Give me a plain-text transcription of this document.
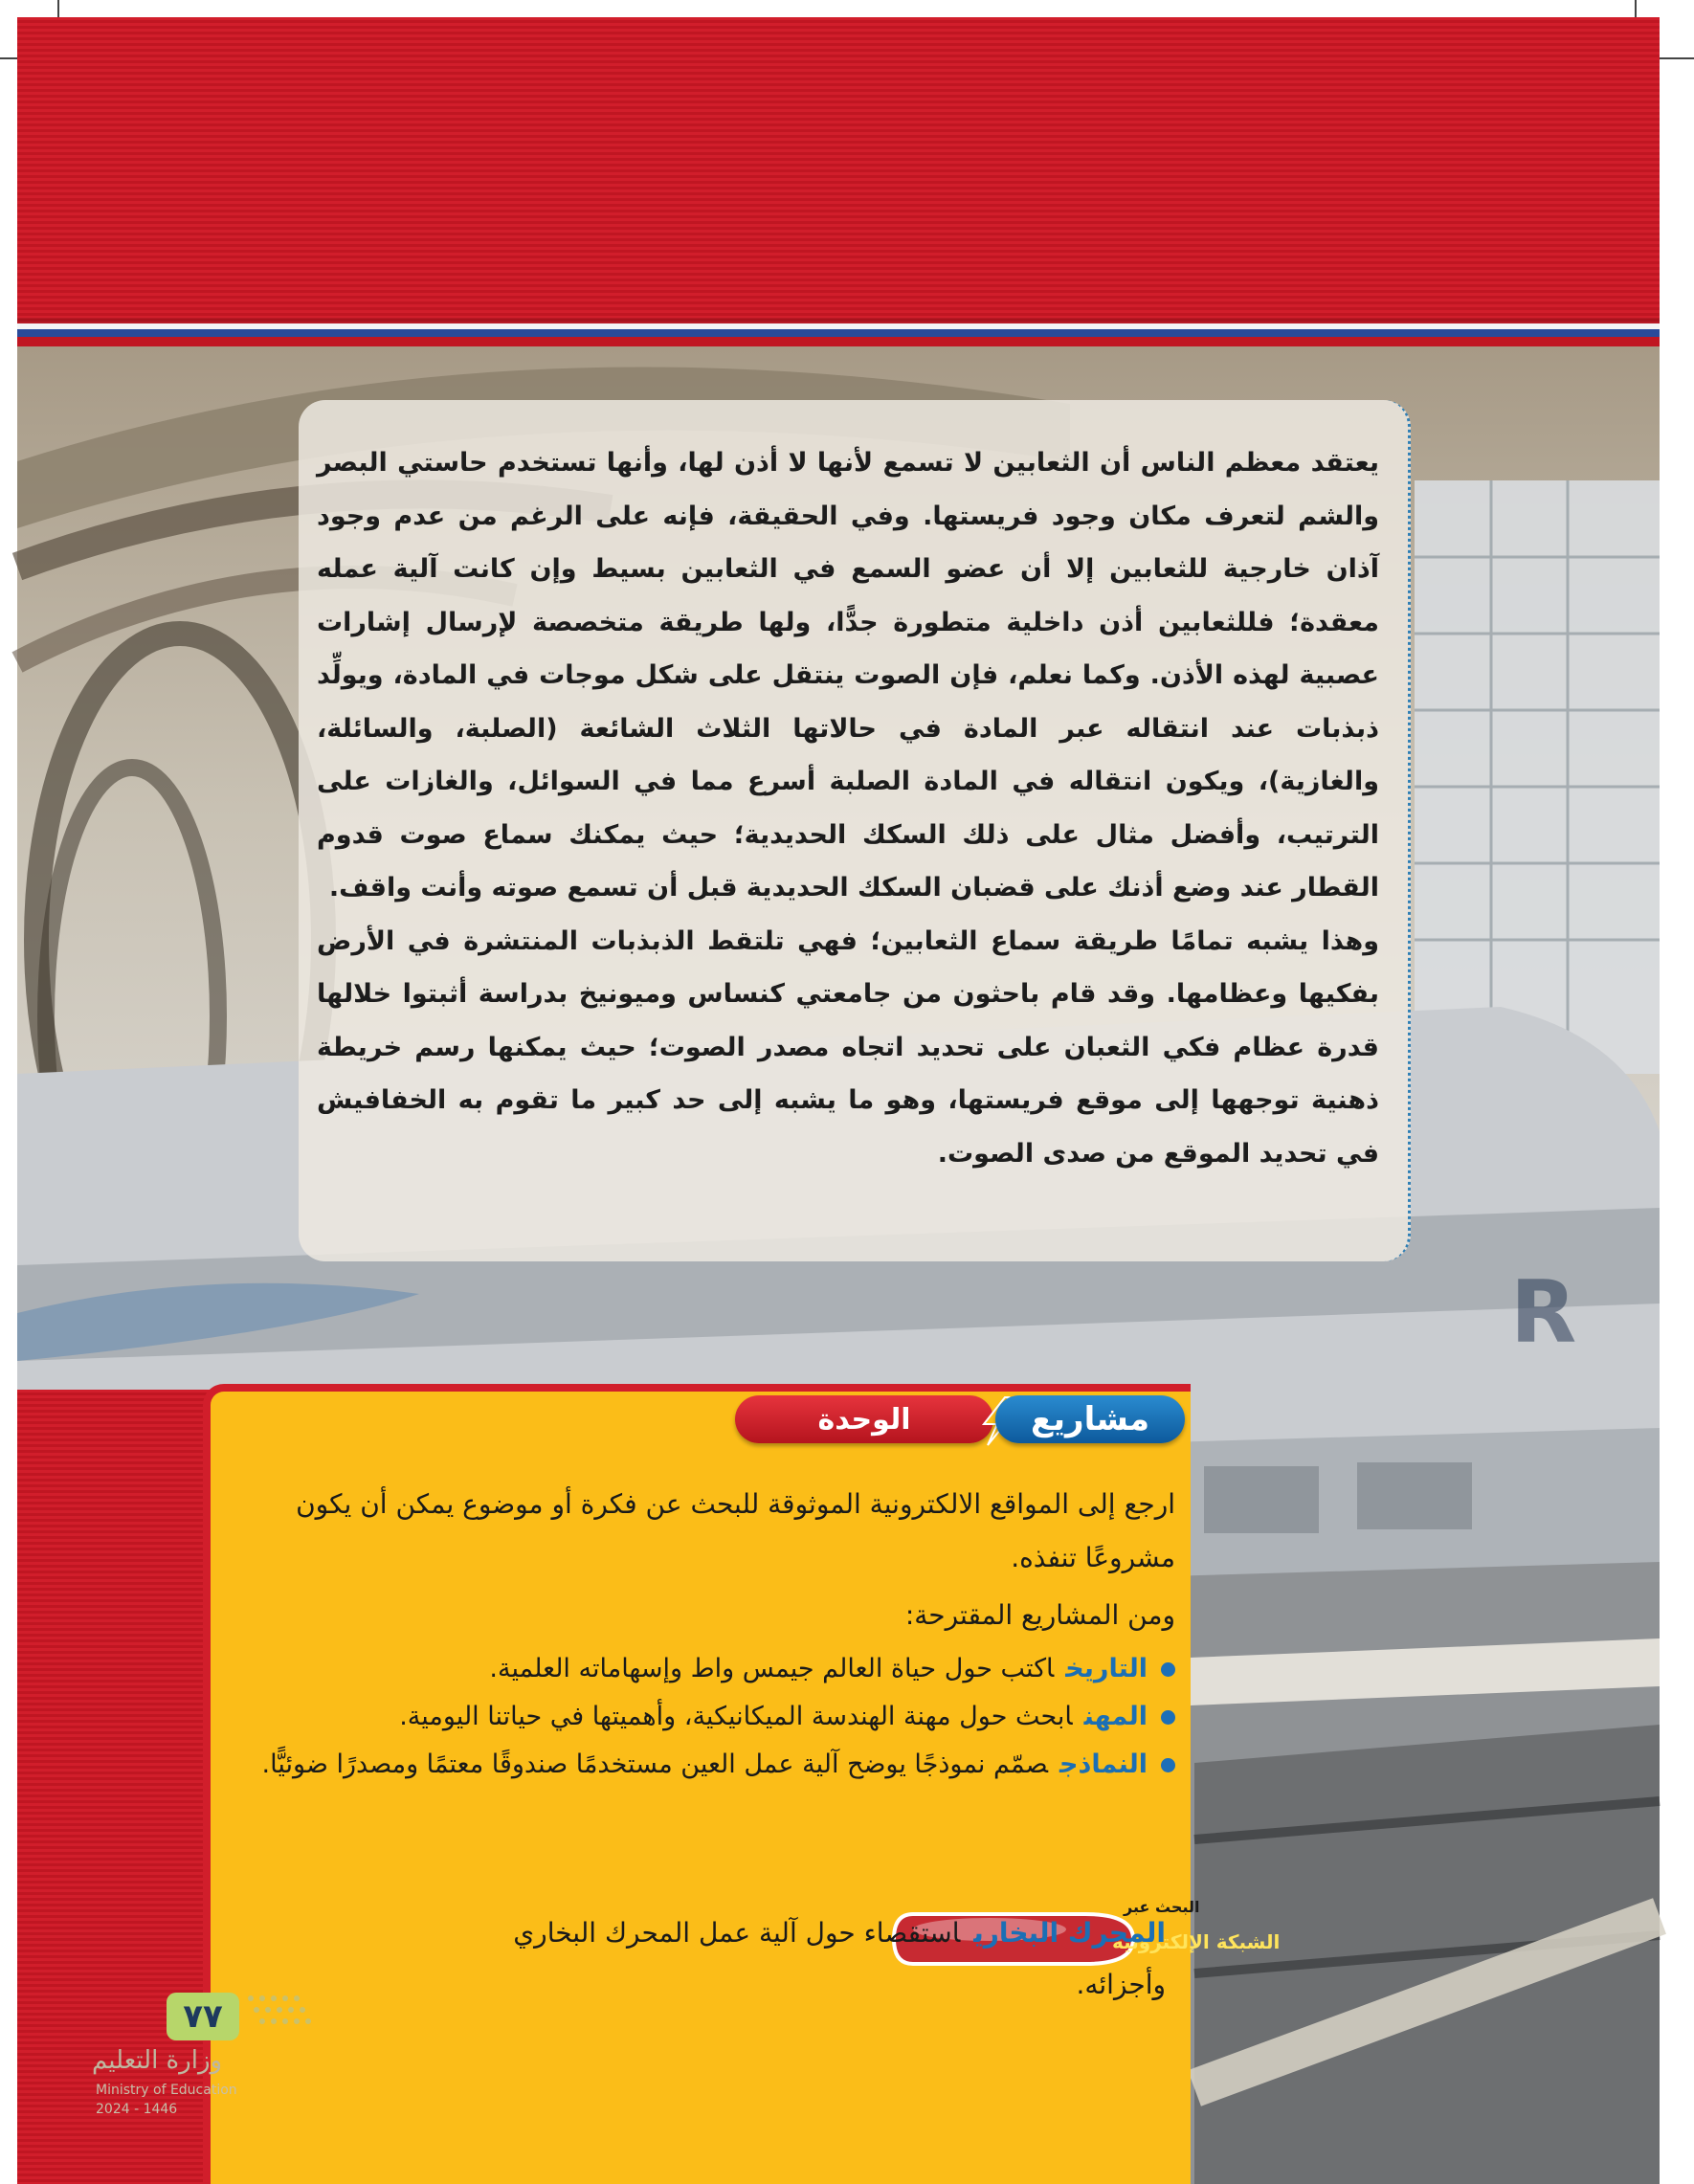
R

يعتقد معظم الناس أن الثعابين لا تسمع لأنها لا أذن لها، وأنها تستخدم حاستي البصر والشم لتعرف مكان وجود فريستها. وفي الحقيقة، فإنه على الرغم من عدم وجود آذان خارجية للثعابين إلا أن عضو السمع في الثعابين بسيط وإن كانت آلية عمله معقدة؛ فللثعابين أذن داخلية متطورة جدًّا، ولها طريقة متخصصة لإرسال إشارات عصبية لهذه الأذن. وكما نعلم، فإن الصوت ينتقل على شكل موجات في المادة، ويولِّد ذبذبات عند انتقاله عبر المادة في حالاتها الثلاث الشائعة (الصلبة، والسائلة، والغازية)، ويكون انتقاله في المادة الصلبة أسرع مما في السوائل، والغازات على الترتيب، وأفضل مثال على ذلك السكك الحديدية؛ حيث يمكنك سماع صوت قدوم القطار عند وضع أذنك على قضبان السكك الحديدية قبل أن تسمع صوته وأنت واقف.

وهذا يشبه تمامًا طريقة سماع الثعابين؛ فهي تلتقط الذبذبات المنتشرة في الأرض بفكيها وعظامها. وقد قام باحثون من جامعتي كنساس وميونيخ بدراسة أثبتوا خلالها قدرة عظام فكي الثعبان على تحديد اتجاه مصدر الصوت؛ حيث يمكنها رسم خريطة ذهنية توجهها إلى موقع فريستها، وهو ما يشبه إلى حد كبير ما تقوم به الخفافيش في تحديد الموقع من صدى الصوت.

الوحدة	مشاريع

ارجع إلى المواقع الالكترونية الموثوقة للبحث عن فكرة أو موضوع يمكن أن يكون

مشروعًا تنفذه.

ومن المشاريع المقترحة:

التاريخاكتب حول حياة العالم جيمس واط وإسهاماته العلمية.
المهنابحث حول مهنة الهندسة الميكانيكية، وأهميتها في حياتنا اليومية.
النماذجصمّم نموذجًا يوضح آلية عمل العين مستخدمًا صندوقًا معتمًا ومصدرًا ضوئيًّا.
البحث عبر
الشبكة الإلكترونية
المحرك البخارياستقصاء حول آلية عمل المحرك البخاري
وأجزائه.
٧٧
وزارة التعليم
Ministry of Education
2024 - 1446
